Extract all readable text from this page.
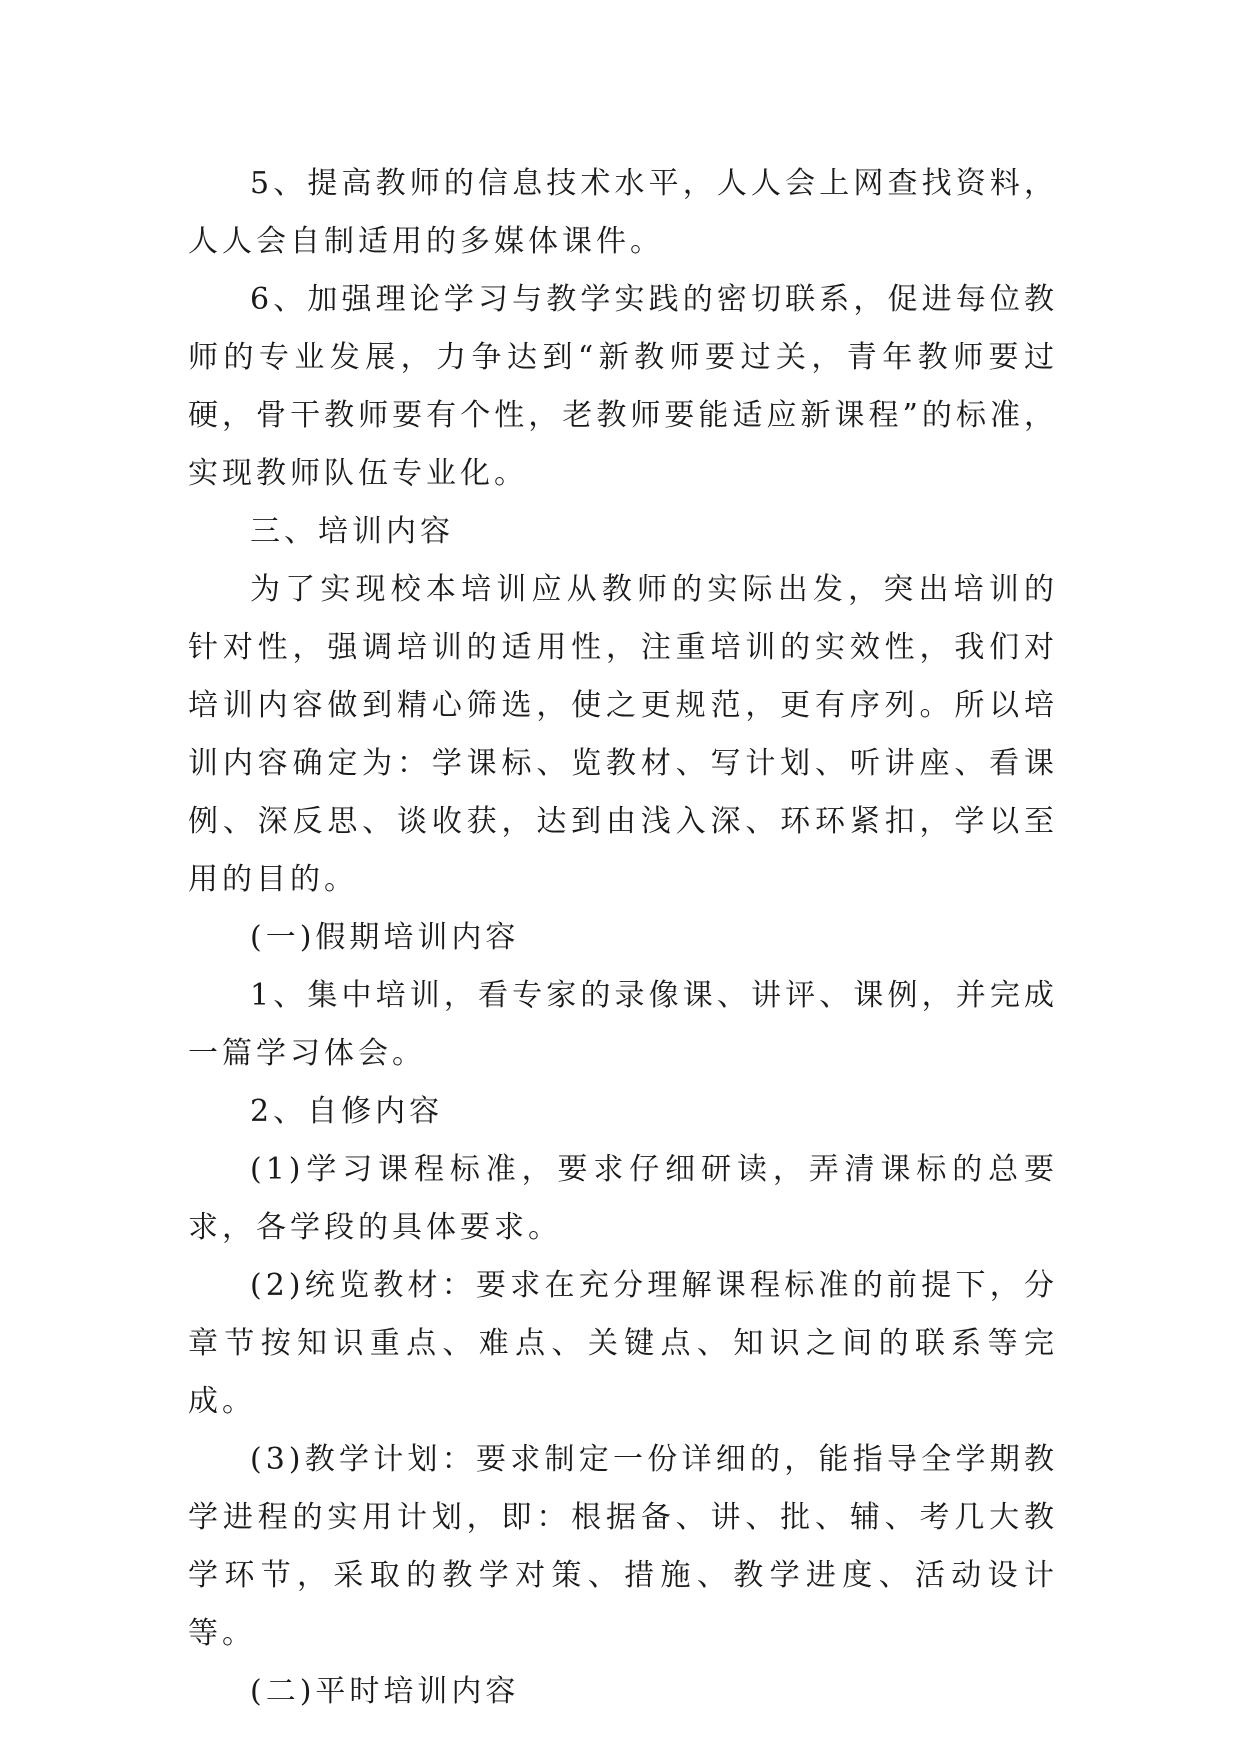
5、提高教师的信息技术水平，人人会上网查找资料，人人会自制适用的多媒体课件。

6、加强理论学习与教学实践的密切联系，促进每位教师的专业发展，力争达到“新教师要过关，青年教师要过硬，骨干教师要有个性，老教师要能适应新课程”的标准，实现教师队伍专业化。

三、培训内容

为了实现校本培训应从教师的实际出发，突出培训的针对性，强调培训的适用性，注重培训的实效性，我们对培训内容做到精心筛选，使之更规范，更有序列。所以培训内容确定为：学课标、览教材、写计划、听讲座、看课例、深反思、谈收获，达到由浅入深、环环紧扣，学以至用的目的。

(一)假期培训内容

1、集中培训，看专家的录像课、讲评、课例，并完成一篇学习体会。

2、自修内容

(1)学习课程标准，要求仔细研读，弄清课标的总要求，各学段的具体要求。

(2)统览教材：要求在充分理解课程标准的前提下，分章节按知识重点、难点、关键点、知识之间的联系等完成。

(3)教学计划：要求制定一份详细的，能指导全学期教学进程的实用计划，即：根据备、讲、批、辅、考几大教学环节，采取的教学对策、措施、教学进度、活动设计等。

(二)平时培训内容
